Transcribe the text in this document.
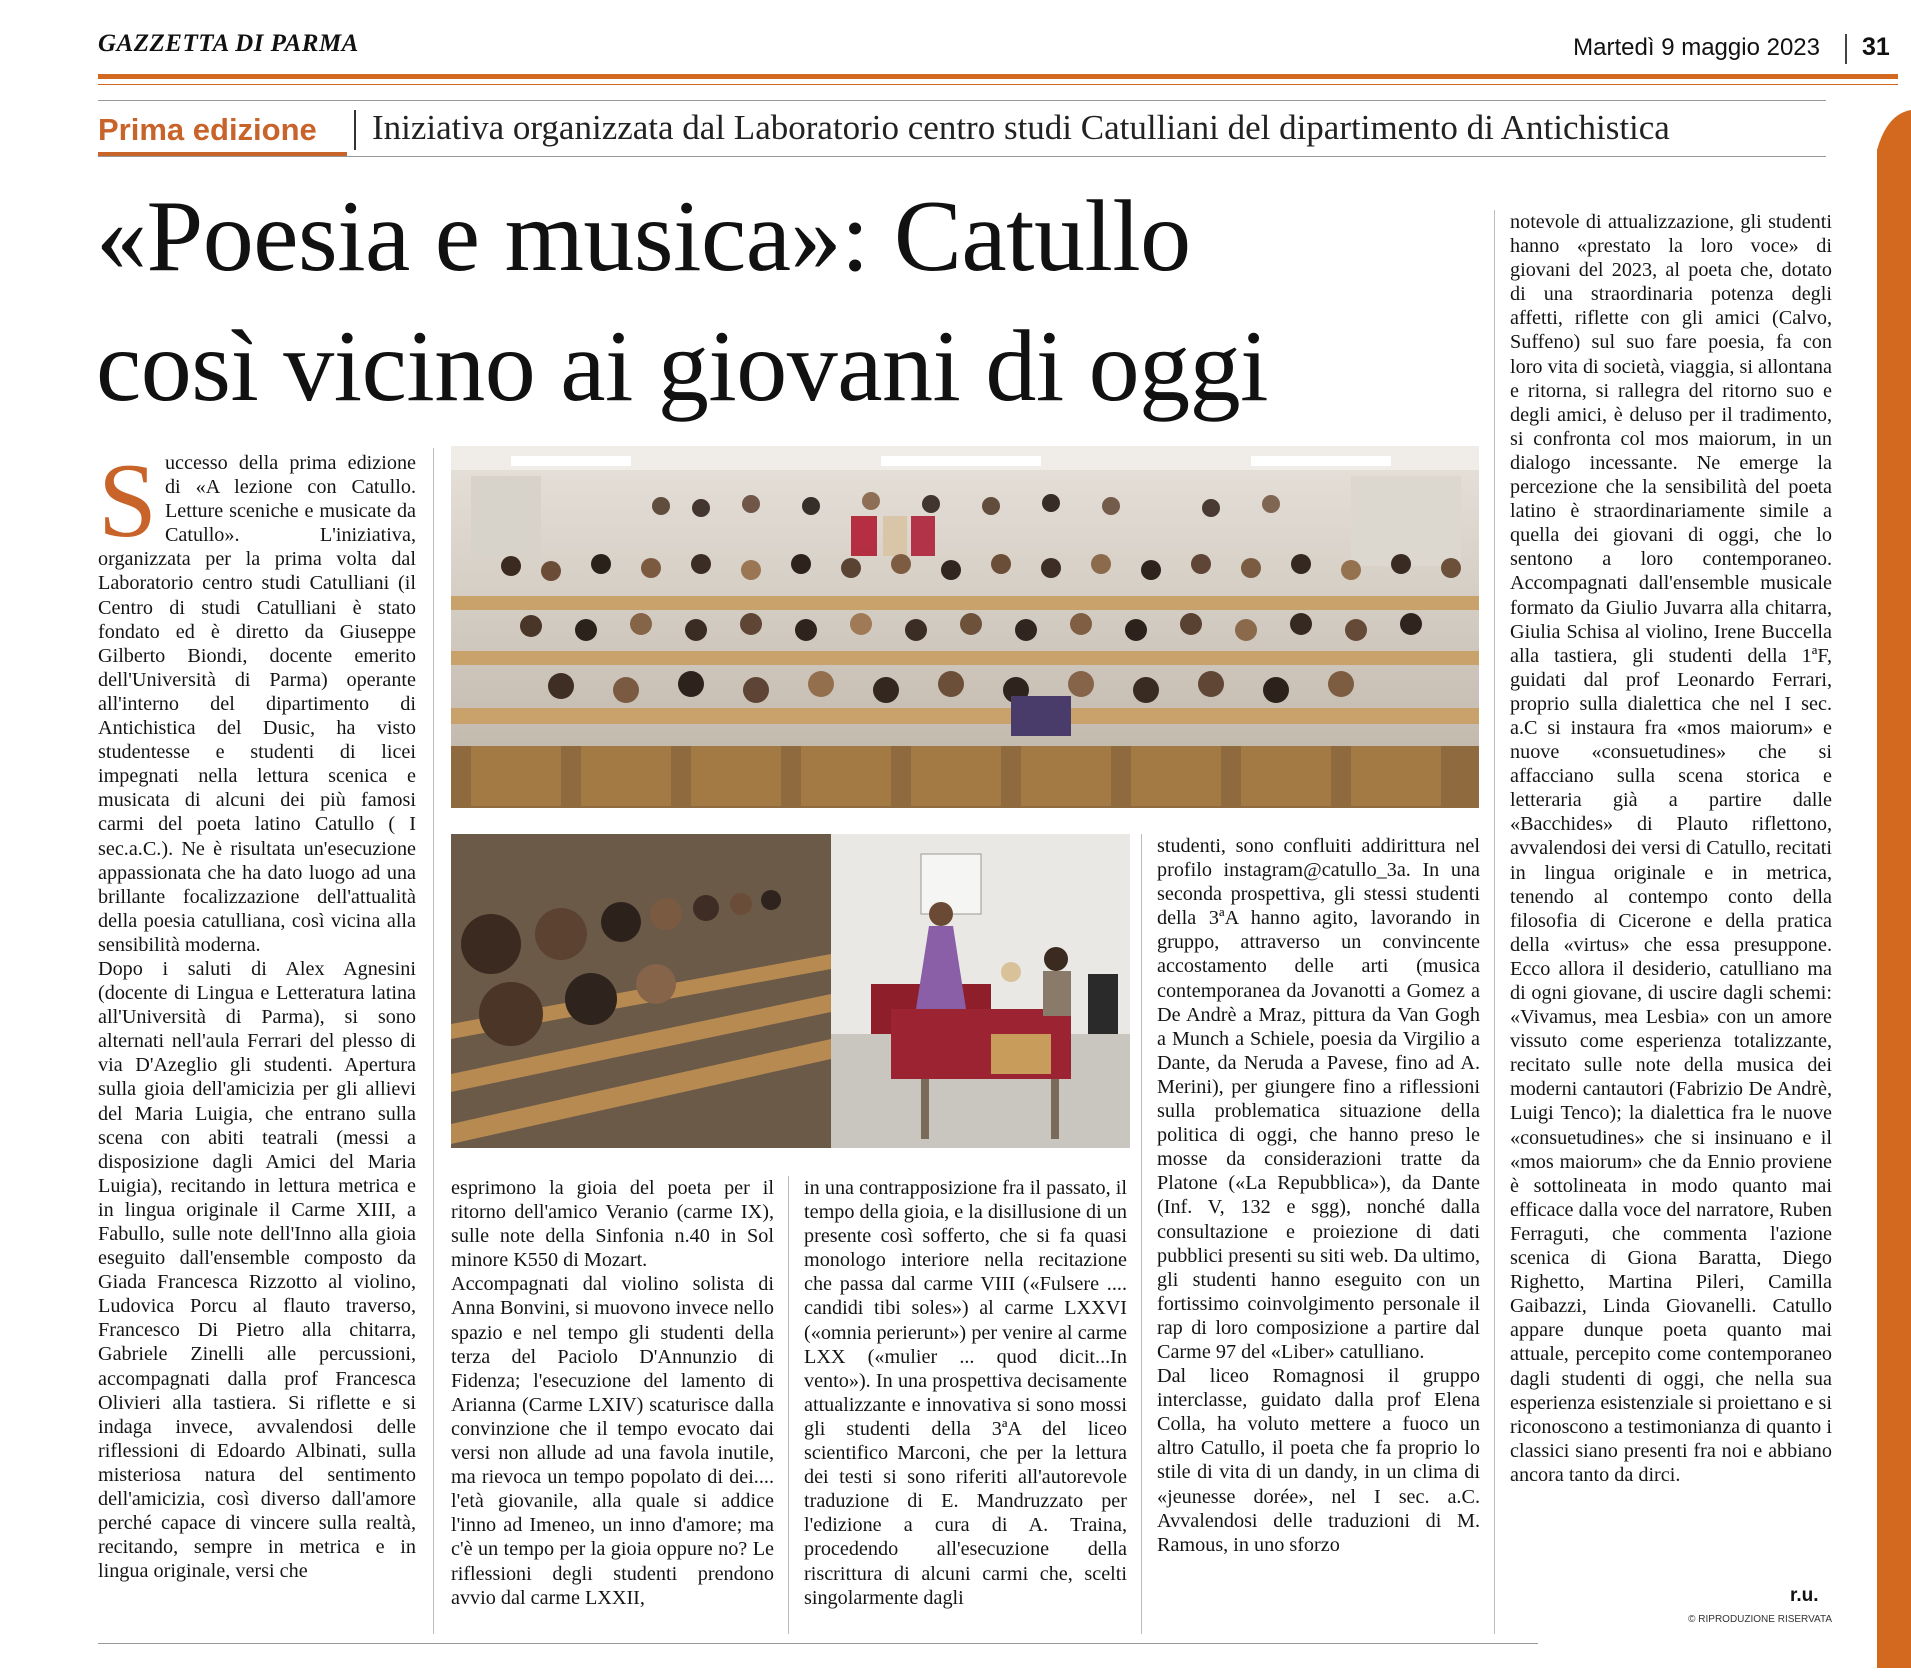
GAZZETTA DI PARMA	Martedì 9 maggio 2023 31
Prima edizione Iniziativa organizzata dal Laboratorio centro studi Catulliani del dipartimento di Antichistica
«Poesia e musica»: Catullo
così vicino ai giovani di oggi

Successo della prima edizione di «A lezione con Catullo. Letture sceniche e musicate da Catullo». L'iniziativa, organizzata per la prima volta dal Laboratorio centro studi Catulliani (il Centro di studi Catulliani è stato fondato ed è diretto da Giuseppe Gilberto Biondi, docente emerito dell'Università di Parma) operante all'interno del dipartimento di Antichistica del Dusic, ha visto studentesse e studenti di licei impegnati nella lettura scenica e musicata di alcuni dei più famosi carmi del poeta latino Catullo ( I sec.a.C.). Ne è risultata un'esecuzione appassionata che ha dato luogo ad una brillante focalizzazione dell'attualità della poesia catulliana, così vicina alla sensibilità moderna.

Dopo i saluti di Alex Agnesini (docente di Lingua e Letteratura latina all'Università di Parma), si sono alternati nell'aula Ferrari del plesso di via D'Azeglio gli studenti. Apertura sulla gioia dell'amicizia per gli allievi del Maria Luigia, che entrano sulla scena con abiti teatrali (messi a disposizione dagli Amici del Maria Luigia), recitando in lettura metrica e in lingua originale il Carme XIII, a Fabullo, sulle note dell'Inno alla gioia eseguito dall'ensemble composto da Giada Francesca Rizzotto al violino, Ludovica Porcu al flauto traverso, Francesco Di Pietro alla chitarra, Gabriele Zinelli alle percussioni, accompagnati dalla prof Francesca Olivieri alla tastiera. Si riflette e si indaga invece, avvalendosi delle riflessioni di Edoardo Albinati, sulla misteriosa natura del sentimento dell'amicizia, così diverso dall'amore perché capace di vincere sulla realtà, recitando, sempre in metrica e in lingua originale, versi che

esprimono la gioia del poeta per il ritorno dell'amico Veranio (carme IX), sulle note della Sinfonia n.40 in Sol minore K550 di Mozart.

Accompagnati dal violino solista di Anna Bonvini, si muovono invece nello spazio e nel tempo gli studenti della terza del Paciolo D'Annunzio di Fidenza; l'esecuzione del lamento di Arianna (Carme LXIV) scaturisce dalla convinzione che il tempo evocato dai versi non allude ad una favola inutile, ma rievoca un tempo popolato di dei.... l'età giovanile, alla quale si addice l'inno ad Imeneo, un inno d'amore; ma c'è un tempo per la gioia oppure no? Le riflessioni degli studenti prendono avvio dal carme LXXII,

in una contrapposizione fra il passato, il tempo della gioia, e la disillusione di un presente così sofferto, che si fa quasi monologo interiore nella recitazione che passa dal carme VIII («Fulsere .... candidi tibi soles») al carme LXXVI («omnia perierunt») per venire al carme LXX («mulier ... quod dicit...In vento»). In una prospettiva decisamente attualizzante e innovativa si sono mossi gli studenti della 3ªA del liceo scientifico Marconi, che per la lettura dei testi si sono riferiti all'autorevole traduzione di E. Mandruzzato per l'edizione a cura di A. Traina, procedendo all'esecuzione della riscrittura di alcuni carmi che, scelti singolarmente dagli

studenti, sono confluiti addirittura nel profilo instagram@catullo_3a. In una seconda prospettiva, gli stessi studenti della 3ªA hanno agito, lavorando in gruppo, attraverso un convincente accostamento delle arti (musica contemporanea da Jovanotti a Gomez a De Andrè a Mraz, pittura da Van Gogh a Munch a Schiele, poesia da Virgilio a Dante, da Neruda a Pavese, fino ad A. Merini), per giungere fino a riflessioni sulla problematica situazione della politica di oggi, che hanno preso le mosse da considerazioni tratte da Platone («La Repubblica»), da Dante (Inf. V, 132 e sgg), nonché dalla consultazione e proiezione di dati pubblici presenti su siti web. Da ultimo, gli studenti hanno eseguito con un fortissimo coinvolgimento personale il rap di loro composizione a partire dal Carme 97 del «Liber» catulliano.

Dal liceo Romagnosi il gruppo interclasse, guidato dalla prof Elena Colla, ha voluto mettere a fuoco un altro Catullo, il poeta che fa proprio lo stile di vita di un dandy, in un clima di «jeunesse dorée», nel I sec. a.C. Avvalendosi delle traduzioni di M. Ramous, in uno sforzo

notevole di attualizzazione, gli studenti hanno «prestato la loro voce» di giovani del 2023, al poeta che, dotato di una straordinaria potenza degli affetti, riflette con gli amici (Calvo, Suffeno) sul suo fare poesia, fa con loro vita di società, viaggia, si allontana e ritorna, si rallegra del ritorno suo e degli amici, è deluso per il tradimento, si confronta col mos maiorum, in un dialogo incessante. Ne emerge la percezione che la sensibilità del poeta latino è straordinariamente simile a quella dei giovani di oggi, che lo sentono a loro contemporaneo. Accompagnati dall'ensemble musicale formato da Giulio Juvarra alla chitarra, Giulia Schisa al violino, Irene Buccella alla tastiera, gli studenti della 1ªF, guidati dal prof Leonardo Ferrari, proprio sulla dialettica che nel I sec. a.C si instaura fra «mos maiorum» e nuove «consuetudines» che si affacciano sulla scena storica e letteraria già a partire dalle «Bacchides» di Plauto riflettono, avvalendosi dei versi di Catullo, recitati in lingua originale e in metrica, tenendo al contempo conto della filosofia di Cicerone e della pratica della «virtus» che essa presuppone. Ecco allora il desiderio, catulliano ma di ogni giovane, di uscire dagli schemi: «Vivamus, mea Lesbia» con un amore vissuto come esperienza totalizzante, recitato sulle note della musica dei moderni cantautori (Fabrizio De Andrè, Luigi Tenco); la dialettica fra le nuove «consuetudines» che si insinuano e il «mos maiorum» che da Ennio proviene è sottolineata in modo quanto mai efficace dalla voce del narratore, Ruben Ferraguti, che commenta l'azione scenica di Giona Baratta, Diego Righetto, Martina Pileri, Camilla Gaibazzi, Linda Giovanelli. Catullo appare dunque poeta quanto mai attuale, percepito come contemporaneo dagli studenti di oggi, che nella sua esperienza esistenziale si proiettano e si riconoscono a testimonianza di quanto i classici siano presenti fra noi e abbiano ancora tanto da dirci.

r.u.
© RIPRODUZIONE RISERVATA
